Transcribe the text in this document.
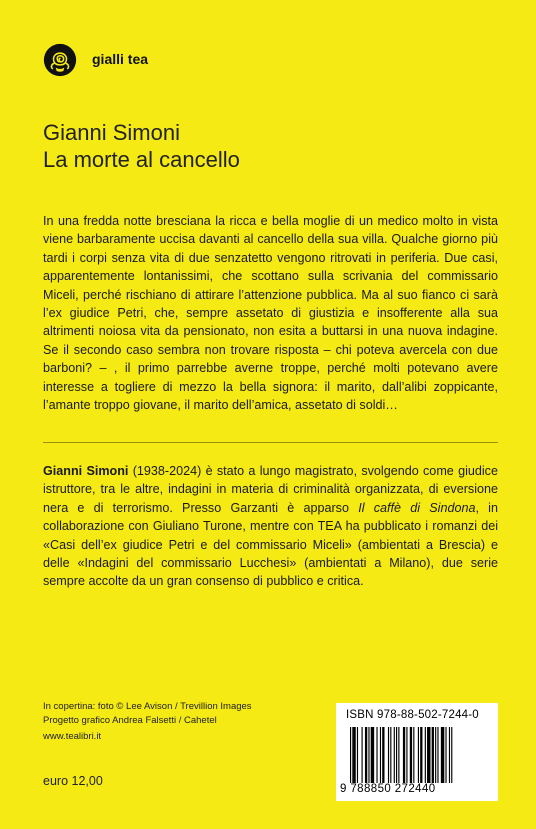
gialli tea
Gianni Simoni
La morte al cancello

In una fredda notte bresciana la ricca e bella moglie di un medico molto in vista viene barbaramente uccisa davanti al cancello della sua villa. Qualche giorno più tardi i corpi senza vita di due senzatetto vengono ritrovati in periferia. Due casi, apparentemente lontanissimi, che scottano sulla scrivania del commissario Miceli, perché rischiano di attirare l’attenzione pubblica. Ma al suo fianco ci sarà l’ex giudice Petri, che, sempre assetato di giustizia e insofferente alla sua altrimenti noiosa vita da pensionato, non esita a buttarsi in una nuova indagine. Se il secondo caso sembra non trovare risposta – chi poteva avercela con due barboni? – , il primo parrebbe averne troppe, perché molti potevano avere interesse a togliere di mezzo la bella signora: il marito, dall’alibi zoppicante, l’amante troppo giovane, il marito dell’amica, assetato di soldi…

Gianni Simoni (1938-2024) è stato a lungo magistrato, svolgendo come giudice istruttore, tra le altre, indagini in materia di criminalità organizzata, di eversione nera e di terrorismo. Presso Garzanti è apparso Il caffè di Sindona, in collaborazione con Giuliano Turone, mentre con TEA ha pubblicato i romanzi dei «Casi dell’ex giudice Petri e del commissario Miceli» (ambientati a Brescia) e delle «Indagini del commissario Lucchesi» (ambientati a Milano), due serie sempre accolte da un gran consenso di pubblico e critica.

In copertina: foto © Lee Avison / Trevillion Images
Progetto grafico Andrea Falsetti / Cahetel
www.tealibri.it
euro 12,00
ISBN 978-88-502-7244-0
9 788850 272440
